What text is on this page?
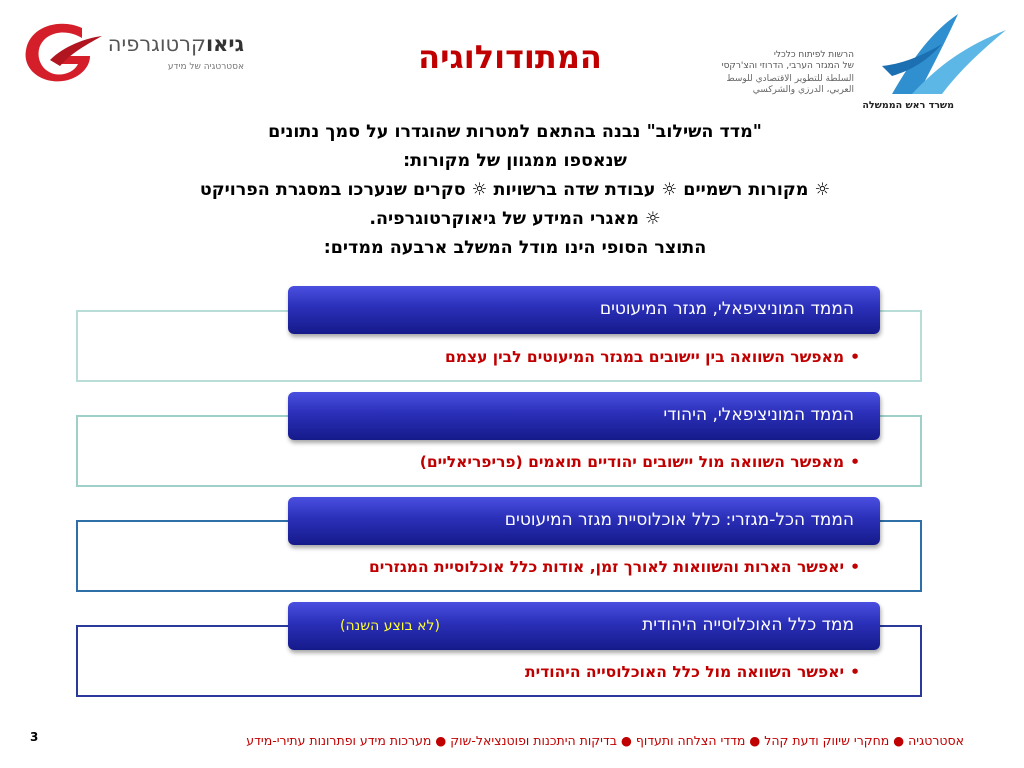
גיאוקרטוגרפיה
אסטרטגיה של מידע	המתודולוגיה	הרשות לפיתוח כלכלי
של המגזר הערבי, הדרוזי והצ'רקסי
السلطة للتطوير الاقتصادي للوسط
العربي، الدرزي والشركسي
משרד ראש הממשלה
"מדד השילוב" נבנה בהתאם למטרות שהוגדרו על סמך נתונים
שנאספו ממגוון של מקורות:
☼ מקורות רשמיים ☼ עבודת שדה ברשויות ☼ סקרים שנערכו במסגרת הפרויקט
☼ מאגרי המידע של גיאוקרטוגרפיה.
התוצר הסופי הינו מודל המשלב ארבעה ממדים:
•מאפשר השוואה בין יישובים במגזר המיעוטים לבין עצמם
הממד המוניציפאלי, מגזר המיעוטים
•מאפשר השוואה מול יישובים יהודיים תואמים (פריפריאליים)
הממד המוניציפאלי, היהודי
•יאפשר הארות והשוואות לאורך זמן, אודות כלל אוכלוסיית המגזרים
הממד הכל-מגזרי: כלל אוכלוסיית מגזר המיעוטים
•יאפשר השוואה מול כלל האוכלוסייה היהודית
ממד כלל האוכלוסייה היהודית
(לא בוצע השנה)
אסטרטגיה ● מחקרי שיווק ודעת קהל ● מדדי הצלחה ותעדוף ● בדיקות היתכנות ופוטנציאל-שוק ● מערכות מידע ופתרונות עתירי-מידע
3
